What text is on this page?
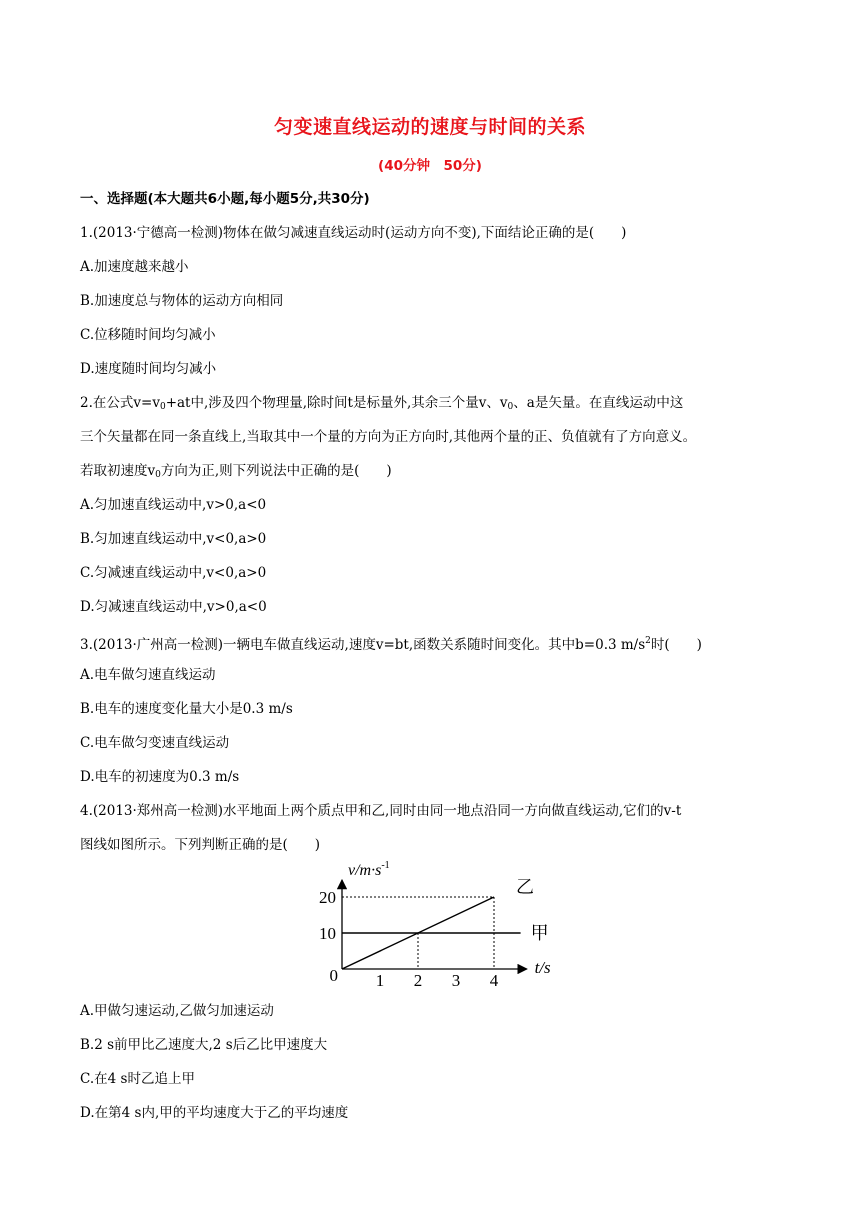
匀变速直线运动的速度与时间的关系
(40分钟　50分)
一、选择题(本大题共6小题,每小题5分,共30分)
1.(2013·宁德高一检测)物体在做匀减速直线运动时(运动方向不变),下面结论正确的是(　　)
A.加速度越来越小
B.加速度总与物体的运动方向相同
C.位移随时间均匀减小
D.速度随时间均匀减小
2.在公式$v=v_0+at$中,涉及四个物理量,除时间t是标量外,其余三个量v、$v_0$、a是矢量。在直线运动中这
三个矢量都在同一条直线上,当取其中一个量的方向为正方向时,其他两个量的正、负值就有了方向意义。
若取初速度$v_0$方向为正,则下列说法中正确的是(　　)
A.匀加速直线运动中,v>0,a<0
B.匀加速直线运动中,v<0,a>0
C.匀减速直线运动中,v<0,a>0
D.匀减速直线运动中,v>0,a<0
3.(2013·广州高一检测)一辆电车做直线运动,速度v=bt,函数关系随时间变化。其中b=0.3 $m/s^2$时(　　)
A.电车做匀速直线运动
B.电车的速度变化量大小是0.3 m/s
C.电车做匀变速直线运动
D.电车的初速度为0.3 m/s
4.(2013·郑州高一检测)水平地面上两个质点甲和乙,同时由同一地点沿同一方向做直线运动,它们的v-t
图线如图所示。下列判断正确的是(　　)
甲
乙
10
20
1 2 3 4
0
$v/m\cdot s^{-1}$
t/s
A.甲做匀速运动,乙做匀加速运动
B.2 s前甲比乙速度大,2 s后乙比甲速度大
C.在4 s时乙追上甲
D.在第4 s内,甲的平均速度大于乙的平均速度
